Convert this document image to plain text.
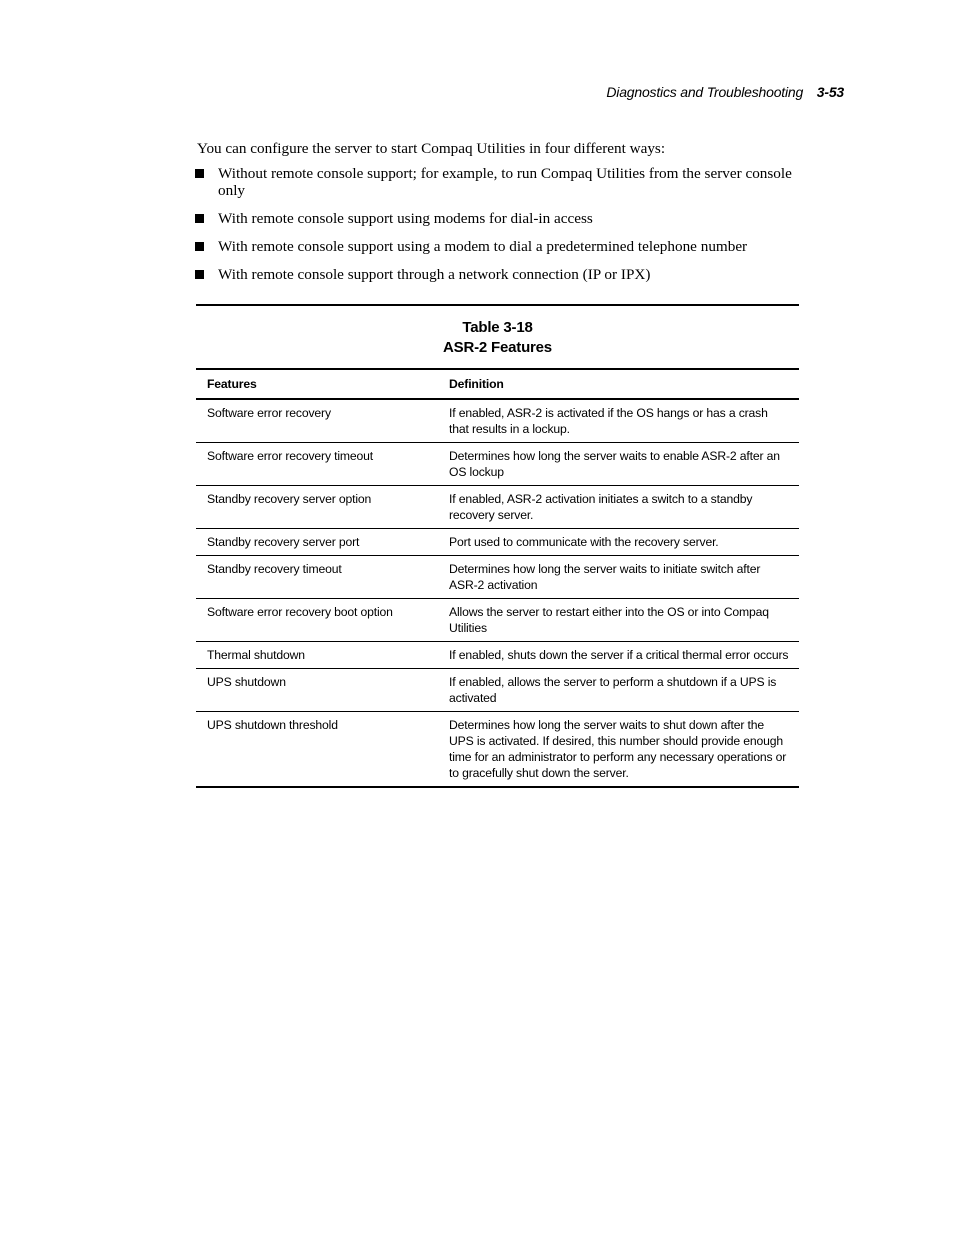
Diagnostics and Troubleshooting 3-53

You can configure the server to start Compaq Utilities in four different ways:

Without remote console support; for example, to run Compaq Utilities from the server console only
With remote console support using modems for dial-in access
With remote console support using a modem to dial a predetermined telephone number
With remote console support through a network connection (IP or IPX)
Table 3-18
ASR-2 Features
Features	Definition
Software error recovery	If enabled, ASR-2 is activated if the OS hangs or has a crash that results in a lockup.
Software error recovery timeout	Determines how long the server waits to enable ASR-2 after an OS lockup
Standby recovery server option	If enabled, ASR-2 activation initiates a switch to a standby recovery server.
Standby recovery server port	Port used to communicate with the recovery server.
Standby recovery timeout	Determines how long the server waits to initiate switch after ASR-2 activation
Software error recovery boot option	Allows the server to restart either into the OS or into Compaq Utilities
Thermal shutdown	If enabled, shuts down the server if a critical thermal error occurs
UPS shutdown	If enabled, allows the server to perform a shutdown if a UPS is activated
UPS shutdown threshold	Determines how long the server waits to shut down after the UPS is activated. If desired, this number should provide enough time for an administrator to perform any necessary operations or to gracefully shut down the server.
